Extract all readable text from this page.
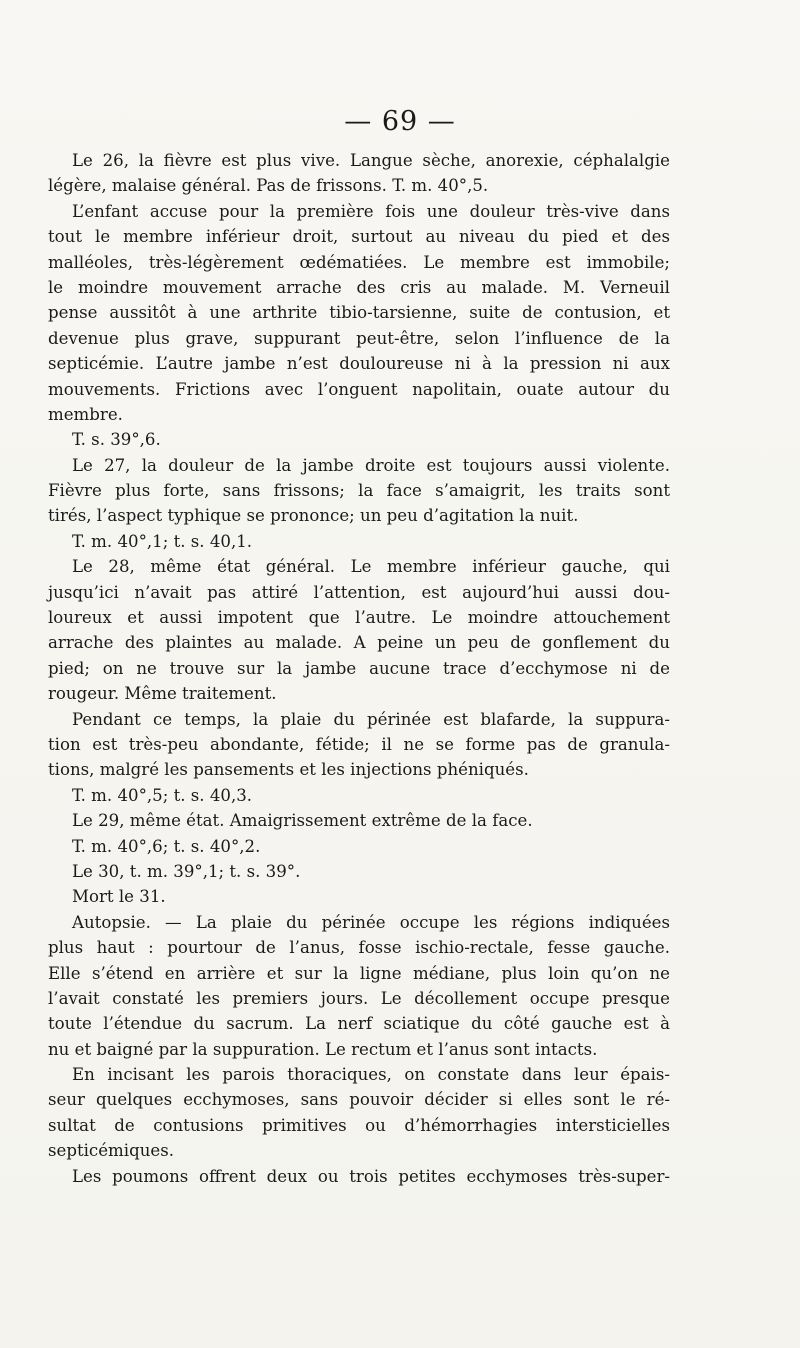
— 69 —
Le 26, la fièvre est plus vive. Langue sèche, anorexie, céphalalgie
légère, malaise général. Pas de frissons. T. m. 40°,5.
L’enfant accuse pour la première fois une douleur très-vive dans
tout le membre inférieur droit, surtout au niveau du pied et des
malléoles, très-légèrement œdématiées. Le membre est immobile;
le moindre mouvement arrache des cris au malade. M. Verneuil
pense aussitôt à une arthrite tibio-tarsienne, suite de contusion, et
devenue plus grave, suppurant peut-être, selon l’influence de la
septicémie. L’autre jambe n’est douloureuse ni à la pression ni aux
mouvements. Frictions avec l’onguent napolitain, ouate autour du
membre.
T. s. 39°,6.
Le 27, la douleur de la jambe droite est toujours aussi violente.
Fièvre plus forte, sans frissons; la face s’amaigrit, les traits sont
tirés, l’aspect typhique se prononce; un peu d’agitation la nuit.
T. m. 40°,1; t. s. 40,1.
Le 28, même état général. Le membre inférieur gauche, qui
jusqu’ici n’avait pas attiré l’attention, est aujourd’hui aussi dou-
loureux et aussi impotent que l’autre. Le moindre attouchement
arrache des plaintes au malade. A peine un peu de gonflement du
pied; on ne trouve sur la jambe aucune trace d’ecchymose ni de
rougeur. Même traitement.
Pendant ce temps, la plaie du périnée est blafarde, la suppura-
tion est très-peu abondante, fétide; il ne se forme pas de granula-
tions, malgré les pansements et les injections phéniqués.
T. m. 40°,5; t. s. 40,3.
Le 29, même état. Amaigrissement extrême de la face.
T. m. 40°,6; t. s. 40°,2.
Le 30, t. m. 39°,1; t. s. 39°.
Mort le 31.
Autopsie. — La plaie du périnée occupe les régions indiquées
plus haut : pourtour de l’anus, fosse ischio-rectale, fesse gauche.
Elle s’étend en arrière et sur la ligne médiane, plus loin qu’on ne
l’avait constaté les premiers jours. Le décollement occupe presque
toute l’étendue du sacrum. La nerf sciatique du côté gauche est à
nu et baigné par la suppuration. Le rectum et l’anus sont intacts.
En incisant les parois thoraciques, on constate dans leur épais-
seur quelques ecchymoses, sans pouvoir décider si elles sont le ré-
sultat de contusions primitives ou d’hémorrhagies intersticielles
septicémiques.
Les poumons offrent deux ou trois petites ecchymoses très-super-
